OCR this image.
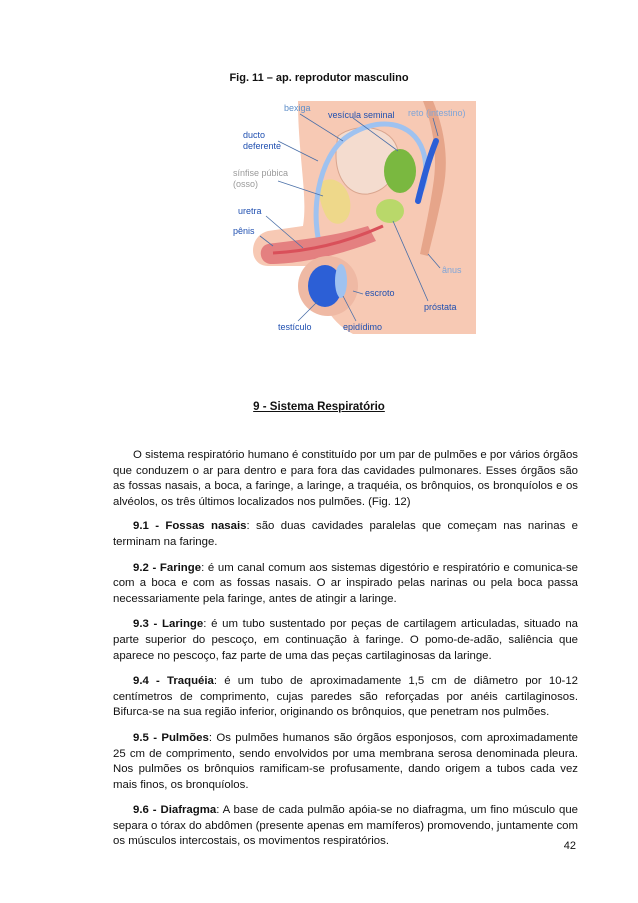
Fig. 11 – ap. reprodutor masculino
bexiga
vesícula seminal reto (intestino)
ducto
deferente
sínfise púbica
(osso)
uretra
pênis
ânus
escroto
próstata
testículo	epidídimo
9 - Sistema Respiratório

O sistema respiratório humano é constituído por um par de pulmões e por vários órgãos que conduzem o ar para dentro e para fora das cavidades pulmonares. Esses órgãos são as fossas nasais, a boca, a faringe, a laringe, a traquéia, os brônquios, os bronquíolos e os alvéolos, os três últimos localizados nos pulmões. (Fig. 12)

9.1 - Fossas nasais: são duas cavidades paralelas que começam nas narinas e terminam na faringe.

9.2 - Faringe: é um canal comum aos sistemas digestório e respiratório e comunica-se com a boca e com as fossas nasais. O ar inspirado pelas narinas ou pela boca passa necessariamente pela faringe, antes de atingir a laringe.

9.3 - Laringe: é um tubo sustentado por peças de cartilagem articuladas, situado na parte superior do pescoço, em continuação à faringe. O pomo-de-adão, saliência que aparece no pescoço, faz parte de uma das peças cartilaginosas da laringe.

9.4 - Traquéia: é um tubo de aproximadamente 1,5 cm de diâmetro por 10-12 centímetros de comprimento, cujas paredes são reforçadas por anéis cartilaginosos. Bifurca-se na sua região inferior, originando os brônquios, que penetram nos pulmões.

9.5 - Pulmões: Os pulmões humanos são órgãos esponjosos, com aproximadamente 25 cm de comprimento, sendo envolvidos por uma membrana serosa denominada pleura. Nos pulmões os brônquios ramificam-se profusamente, dando origem a tubos cada vez mais finos, os bronquíolos.

9.6 - Diafragma: A base de cada pulmão apóia-se no diafragma, um fino músculo que separa o tórax do abdômen (presente apenas em mamíferos) promovendo, juntamente com os músculos intercostais, os movimentos respiratórios.	42
